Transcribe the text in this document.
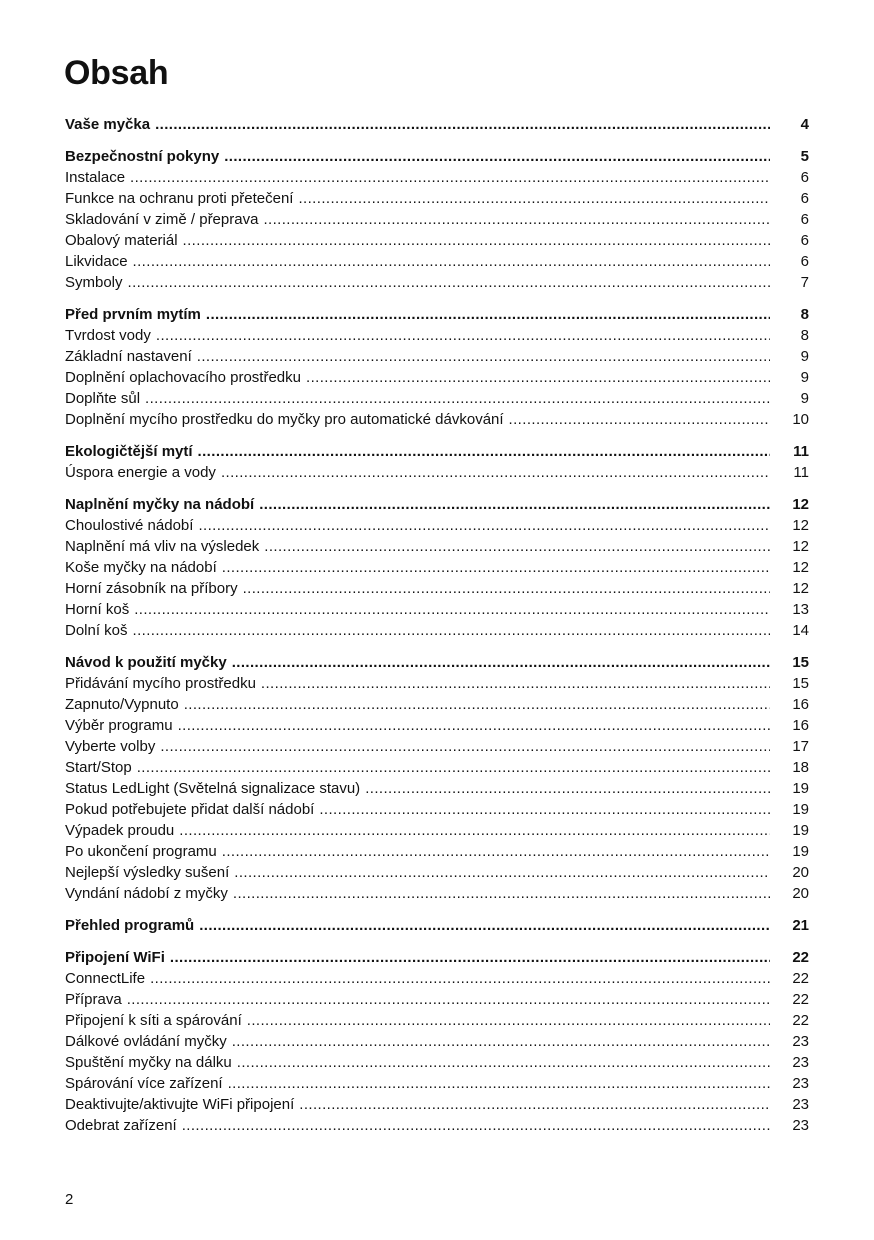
Obsah
Vaše myčka .....	4
Bezpečnostní pokyny .....	5
Instalace .....	6
Funkce na ochranu proti přetečení .....	6
Skladování v zimě / přeprava .....	6
Obalový materiál .....	6
Likvidace .....	6
Symboly .....	7
Před prvním mytím .....	8
Tvrdost vody .....	8
Základní nastavení .....	9
Doplnění oplachovacího prostředku .....	9
Doplňte sůl .....	9
Doplnění mycího prostředku do myčky pro automatické dávkování .....	10
Ekologičtější mytí .....	11
Úspora energie a vody .....	11
Naplnění myčky na nádobí .....	12
Choulostivé nádobí .....	12
Naplnění má vliv na výsledek .....	12
Koše myčky na nádobí .....	12
Horní zásobník na příbory .....	12
Horní koš .....	13
Dolní koš .....	14
Návod k použití myčky .....	15
Přidávání mycího prostředku .....	15
Zapnuto/Vypnuto .....	16
Výběr programu .....	16
Vyberte volby .....	17
Start/Stop .....	18
Status LedLight (Světelná signalizace stavu) .....	19
Pokud potřebujete přidat další nádobí .....	19
Výpadek proudu .....	19
Po ukončení programu .....	19
Nejlepší výsledky sušení .....	20
Vyndání nádobí z myčky .....	20
Přehled programů .....	21
Připojení WiFi .....	22
ConnectLife .....	22
Příprava .....	22
Připojení k síti a spárování .....	22
Dálkové ovládání myčky .....	23
Spuštění myčky na dálku .....	23
Spárování více zařízení .....	23
Deaktivujte/aktivujte WiFi připojení .....	23
Odebrat zařízení .....	23
2
